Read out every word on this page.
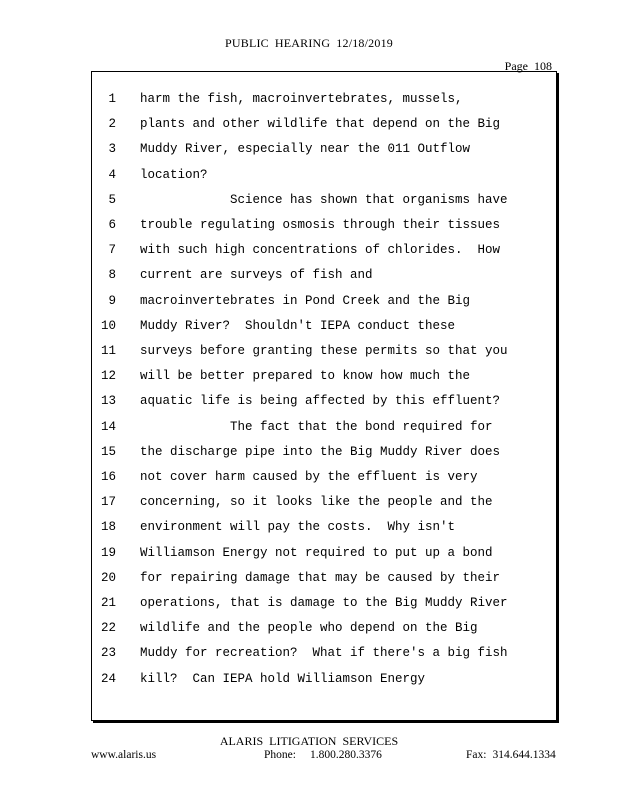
PUBLIC HEARING 12/18/2019
Page 108
1 harm the fish, macroinvertebrates, mussels,
2 plants and other wildlife that depend on the Big
3 Muddy River, especially near the 011 Outflow
4 location?
5 Science has shown that organisms have
6 trouble regulating osmosis through their tissues
7 with such high concentrations of chlorides.  How
8 current are surveys of fish and
9 macroinvertebrates in Pond Creek and the Big
10 Muddy River?  Shouldn't IEPA conduct these
11 surveys before granting these permits so that you
12 will be better prepared to know how much the
13 aquatic life is being affected by this effluent?
14 The fact that the bond required for
15 the discharge pipe into the Big Muddy River does
16 not cover harm caused by the effluent is very
17 concerning, so it looks like the people and the
18 environment will pay the costs.  Why isn't
19 Williamson Energy not required to put up a bond
20 for repairing damage that may be caused by their
21 operations, that is damage to the Big Muddy River
22 wildlife and the people who depend on the Big
23 Muddy for recreation?  What if there's a big fish
24 kill?  Can IEPA hold Williamson Energy
ALARIS LITIGATION SERVICES
www.alaris.us	Phone: 1.800.280.3376	Fax: 314.644.1334
